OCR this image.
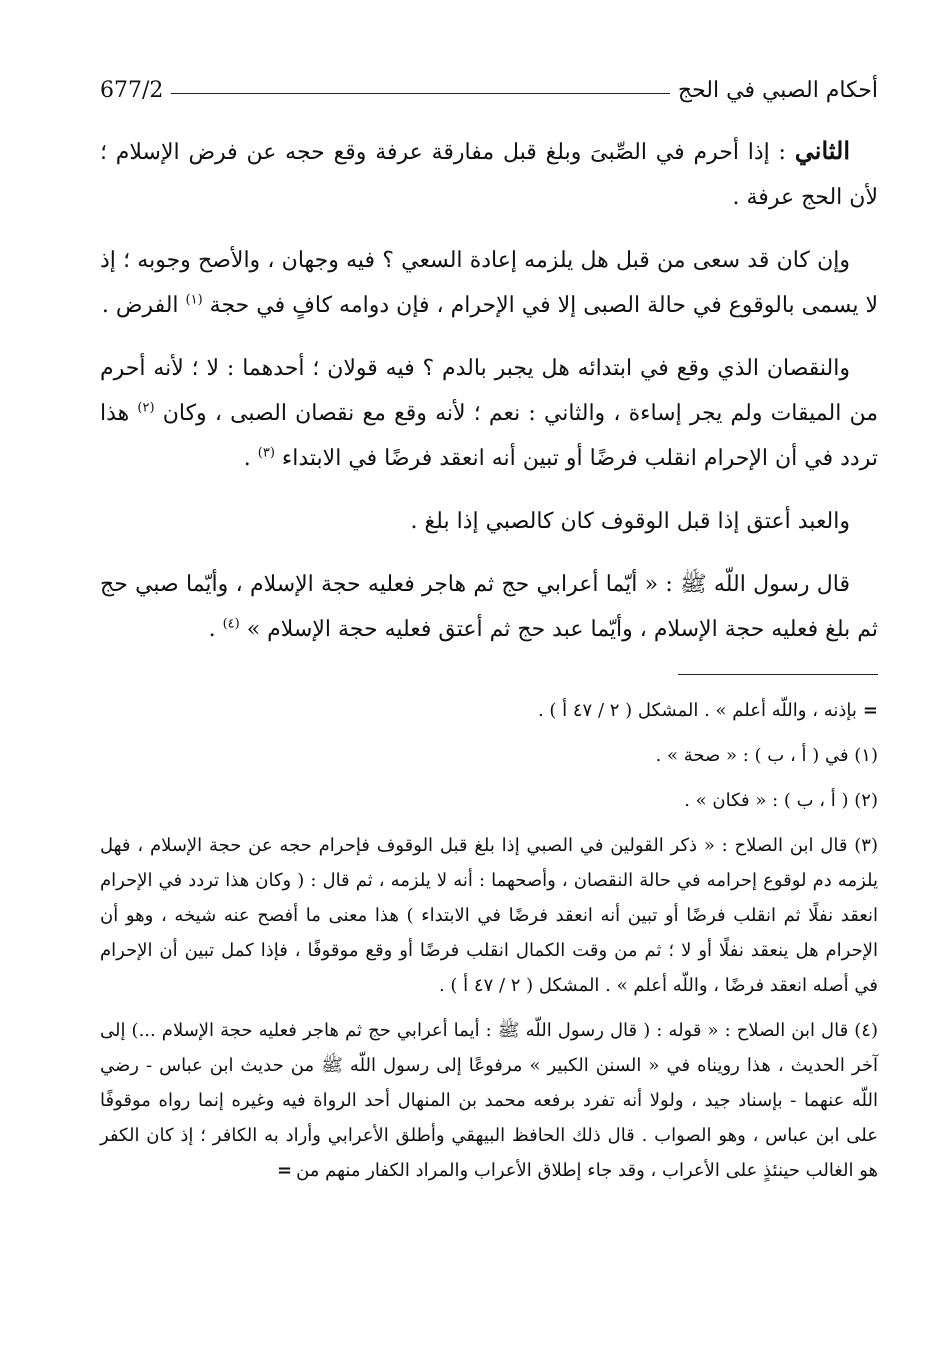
أحكام الصبي في الحج
677/2

الثاني : إذا أحرم في الصِّبىَ وبلغ قبل مفارقة عرفة وقع حجه عن فرض الإسلام ؛ لأن الحج عرفة .

وإن كان قد سعى من قبل هل يلزمه إعادة السعي ؟ فيه وجهان ، والأصح وجوبه ؛ إذ لا يسمى بالوقوع في حالة الصبى إلا في الإحرام ، فإن دوامه كافٍ في حجة $^{(١)}$ الفرض .

والنقصان الذي وقع في ابتدائه هل يجبر بالدم ؟ فيه قولان ؛ أحدهما : لا ؛ لأنه أحرم من الميقات ولم يجر إساءة ، والثاني : نعم ؛ لأنه وقع مع نقصان الصبى ، وكان $^{(٢)}$ هذا تردد في أن الإحرام انقلب فرضًا أو تبين أنه انعقد فرضًا في الابتداء $^{(٣)}$ .

والعبد أعتق إذا قبل الوقوف كان كالصبي إذا بلغ .

قال رسول اللّه ﷺ : « أيّما أعرابي حج ثم هاجر فعليه حجة الإسلام ، وأيّما صبي حج ثم بلغ فعليه حجة الإسلام ، وأيّما عبد حج ثم أعتق فعليه حجة الإسلام » $^{(٤)}$ .

=بإذنه ، واللّه أعلم » . المشكل ( ٢ / ٤٧ أ ) .

(١) في ( أ ، ب ) : « صحة » .

(٢) ( أ ، ب ) : « فكان » .

(٣) قال ابن الصلاح : « ذكر القولين في الصبي إذا بلغ قبل الوقوف فإحرام حجه عن حجة الإسلام ، فهل يلزمه دم لوقوع إحرامه في حالة النقصان ، وأصحهما : أنه لا يلزمه ، ثم قال : ( وكان هذا تردد في الإحرام انعقد نفلًا ثم انقلب فرضًا أو تبين أنه انعقد فرضًا في الابتداء ) هذا معنى ما أفصح عنه شيخه ، وهو أن الإحرام هل ينعقد نفلًا أو لا ؛ ثم من وقت الكمال انقلب فرضًا أو وقع موقوفًا ، فإذا كمل تبين أن الإحرام في أصله انعقد فرضًا ، واللّه أعلم » . المشكل ( ٢ / ٤٧ أ ) .

(٤) قال ابن الصلاح : « قوله : ( قال رسول اللّه ﷺ : أيما أعرابي حج ثم هاجر فعليه حجة الإسلام ...) إلى آخر الحديث ، هذا رويناه في « السنن الكبير » مرفوعًا إلى رسول اللّه ﷺ من حديث ابن عباس - رضي اللّه عنهما - بإسناد جيد ، ولولا أنه تفرد برفعه محمد بن المنهال أحد الرواة فيه وغيره إنما رواه موقوفًا على ابن عباس ، وهو الصواب . قال ذلك الحافظ البيهقي وأطلق الأعرابي وأراد به الكافر ؛ إذ كان الكفر هو الغالب حينئذٍ على الأعراب ، وقد جاء إطلاق الأعراب والمراد الكفار منهم من=
